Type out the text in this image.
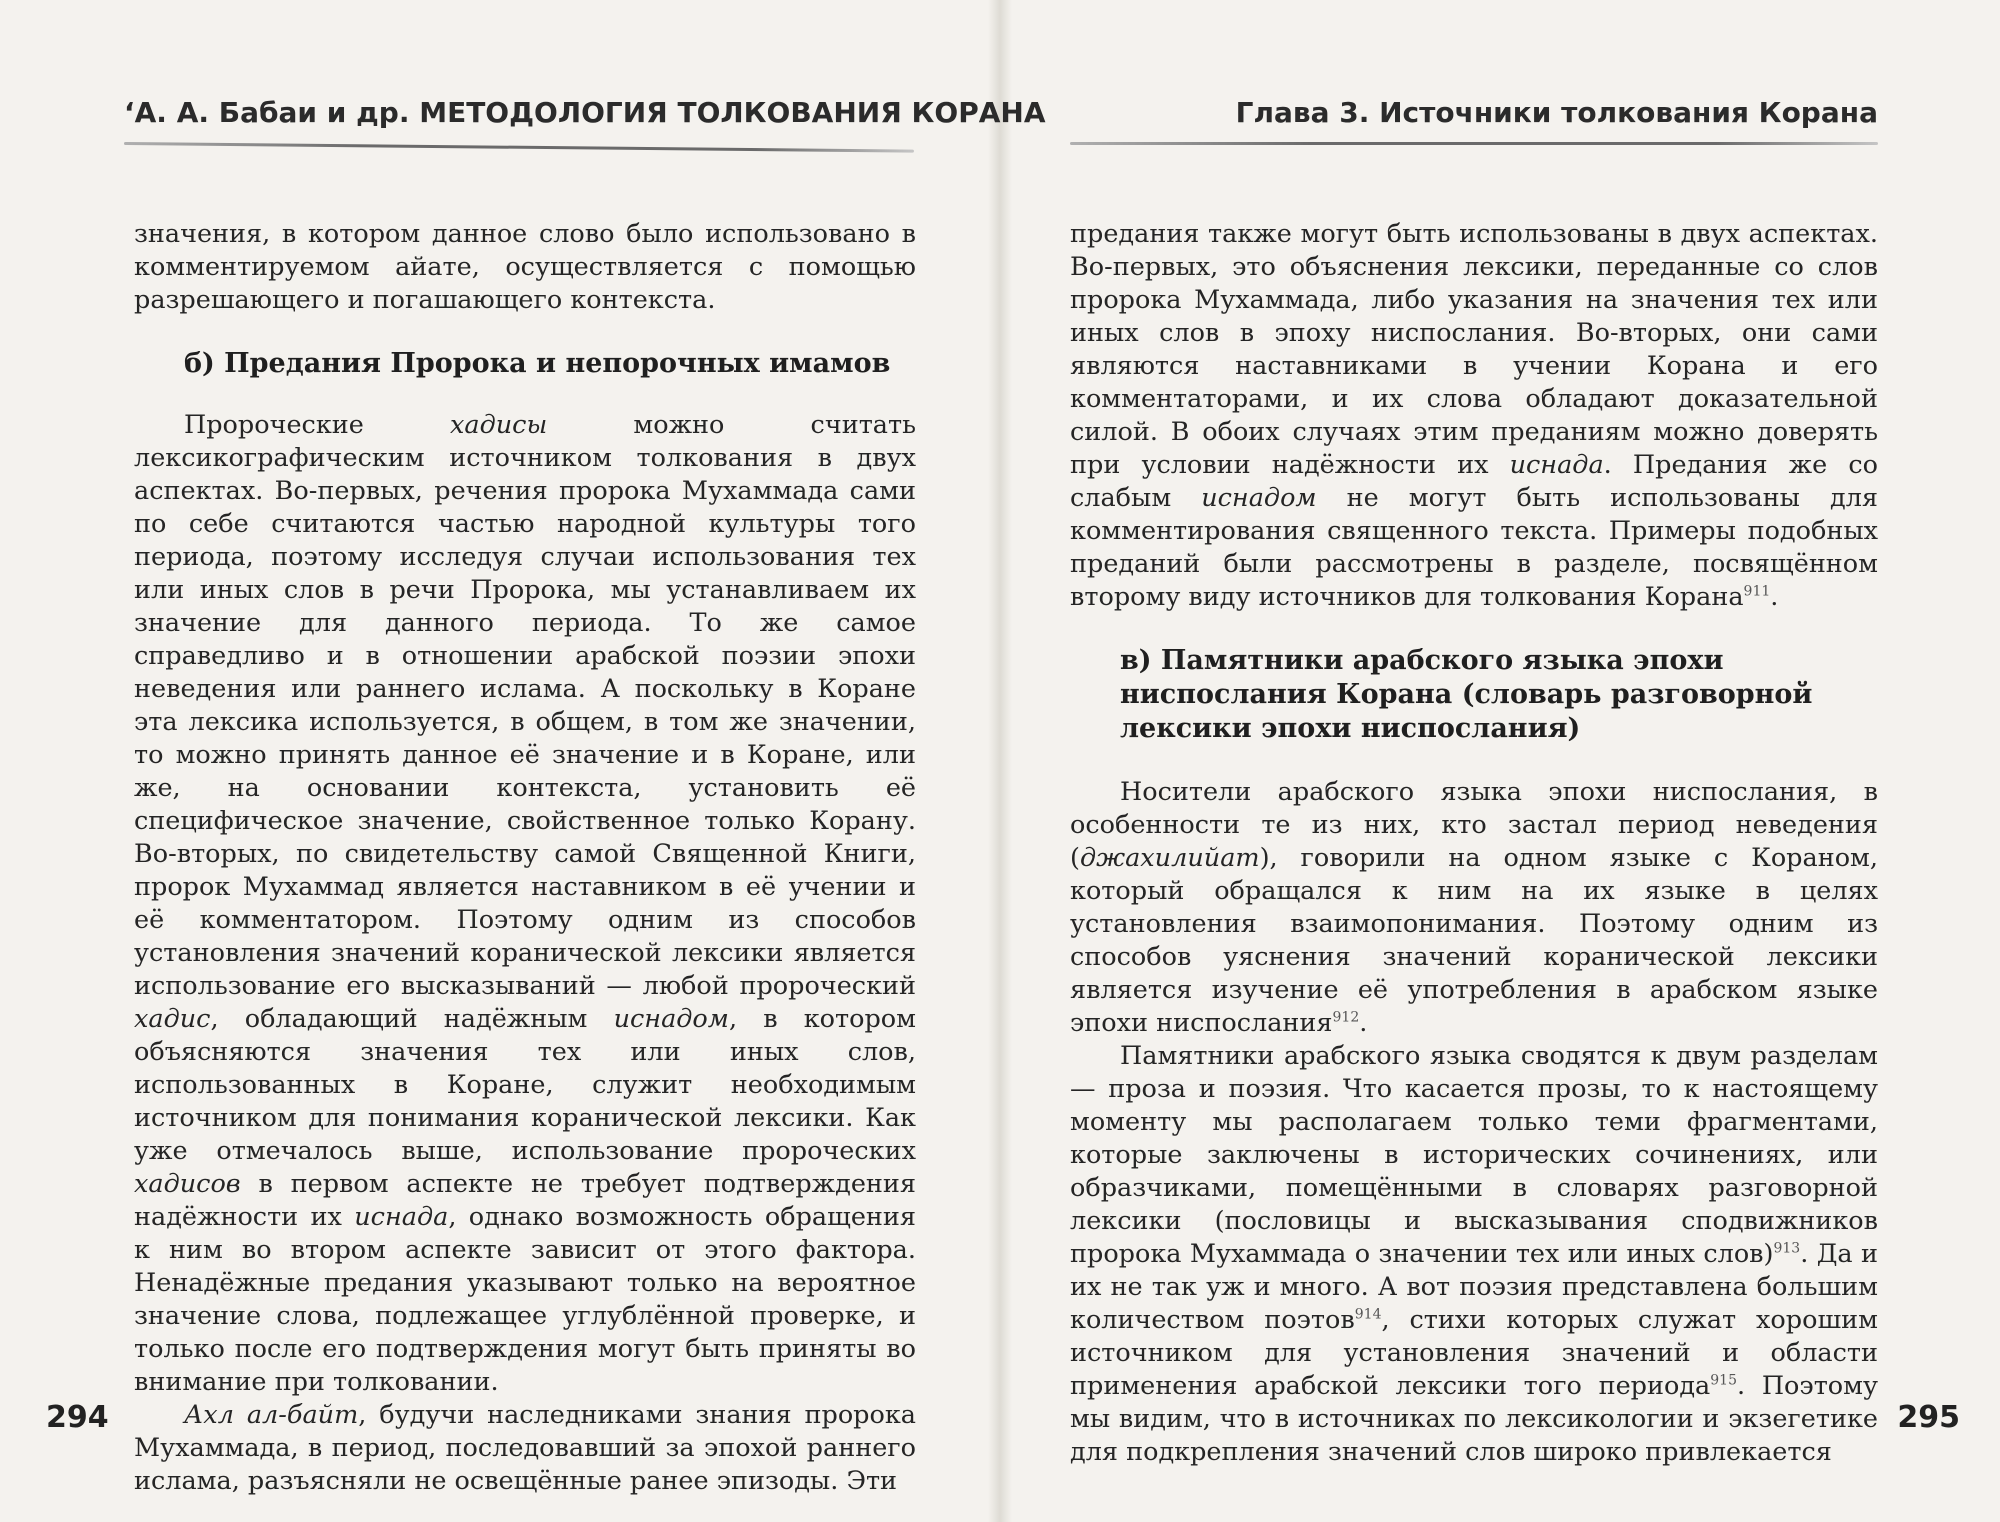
‘А. А. Бабаи и др. МЕТОДОЛОГИЯ ТОЛКОВАНИЯ КОРАНА

значения, в котором данное слово было использовано в комментируемом айате, осуществляется с помощью разрешающего и погашающего контекста.

б) Предания Пророка и непорочных имамов

Пророческие хадисы можно считать лексикографическим источником толкования в двух аспектах. Во-первых, речения пророка Мухаммада сами по себе считаются частью народной культуры того периода, поэтому исследуя случаи использования тех или иных слов в речи Пророка, мы устанавливаем их значение для данного периода. То же самое справедливо и в отношении арабской поэзии эпохи неведения или раннего ислама. А поскольку в Коране эта лексика используется, в общем, в том же значении, то можно принять данное её значение и в Коране, или же, на основании контекста, установить её специфическое значение, свойственное только Корану. Во-вторых, по свидетельству самой Священной Книги, пророк Мухаммад является наставником в её учении и её комментатором. Поэтому одним из способов установления значений коранической лексики является использование его высказываний — любой пророческий хадис, обладающий надёжным иснадом, в котором объясняются значения тех или иных слов, использованных в Коране, служит необходимым источником для понимания коранической лексики. Как уже отмечалось выше, использование пророческих хадисов в первом аспекте не требует подтверждения надёжности их иснада, однако возможность обращения к ним во втором аспекте зависит от этого фактора. Ненадёжные предания указывают только на вероятное значение слова, подлежащее углублённой проверке, и только после его подтверждения могут быть приняты во внимание при толковании.

Ахл ал-байт, будучи наследниками знания пророка Мухаммада, в период, последовавший за эпохой раннего ислама, разъясняли не освещённые ранее эпизоды. Эти

294
Глава 3. Источники толкования Корана

предания также могут быть использованы в двух аспектах. Во-первых, это объяснения лексики, переданные со слов пророка Мухаммада, либо указания на значения тех или иных слов в эпоху ниспослания. Во-вторых, они сами являются наставниками в учении Корана и его комментаторами, и их слова обладают доказательной силой. В обоих случаях этим преданиям можно доверять при условии надёжности их иснада. Предания же со слабым иснадом не могут быть использованы для комментирования священного текста. Примеры подобных преданий были рассмотрены в разделе, посвящённом второму виду источников для толкования Корана$^{911}$.

в) Памятники арабского языка эпохи ниспослания Корана (словарь разговорной лексики эпохи ниспослания)

Носители арабского языка эпохи ниспослания, в особенности те из них, кто застал период неведения (джахилийат), говорили на одном языке с Кораном, который обращался к ним на их языке в целях установления взаимопонимания. Поэтому одним из способов уяснения значений коранической лексики является изучение её употребления в арабском языке эпохи ниспослания$^{912}$.

Памятники арабского языка сводятся к двум разделам — проза и поэзия. Что касается прозы, то к настоящему моменту мы располагаем только теми фрагментами, которые заключены в исторических сочинениях, или образчиками, помещёнными в словарях разговорной лексики (пословицы и высказывания сподвижников пророка Мухаммада о значении тех или иных слов)$^{913}$. Да и их не так уж и много. А вот поэзия представлена большим количеством поэтов$^{914}$, стихи которых служат хорошим источником для установления значений и области применения арабской лексики того периода$^{915}$. Поэтому мы видим, что в источниках по лексикологии и экзегетике для подкрепления значений слов широко привлекается

295
